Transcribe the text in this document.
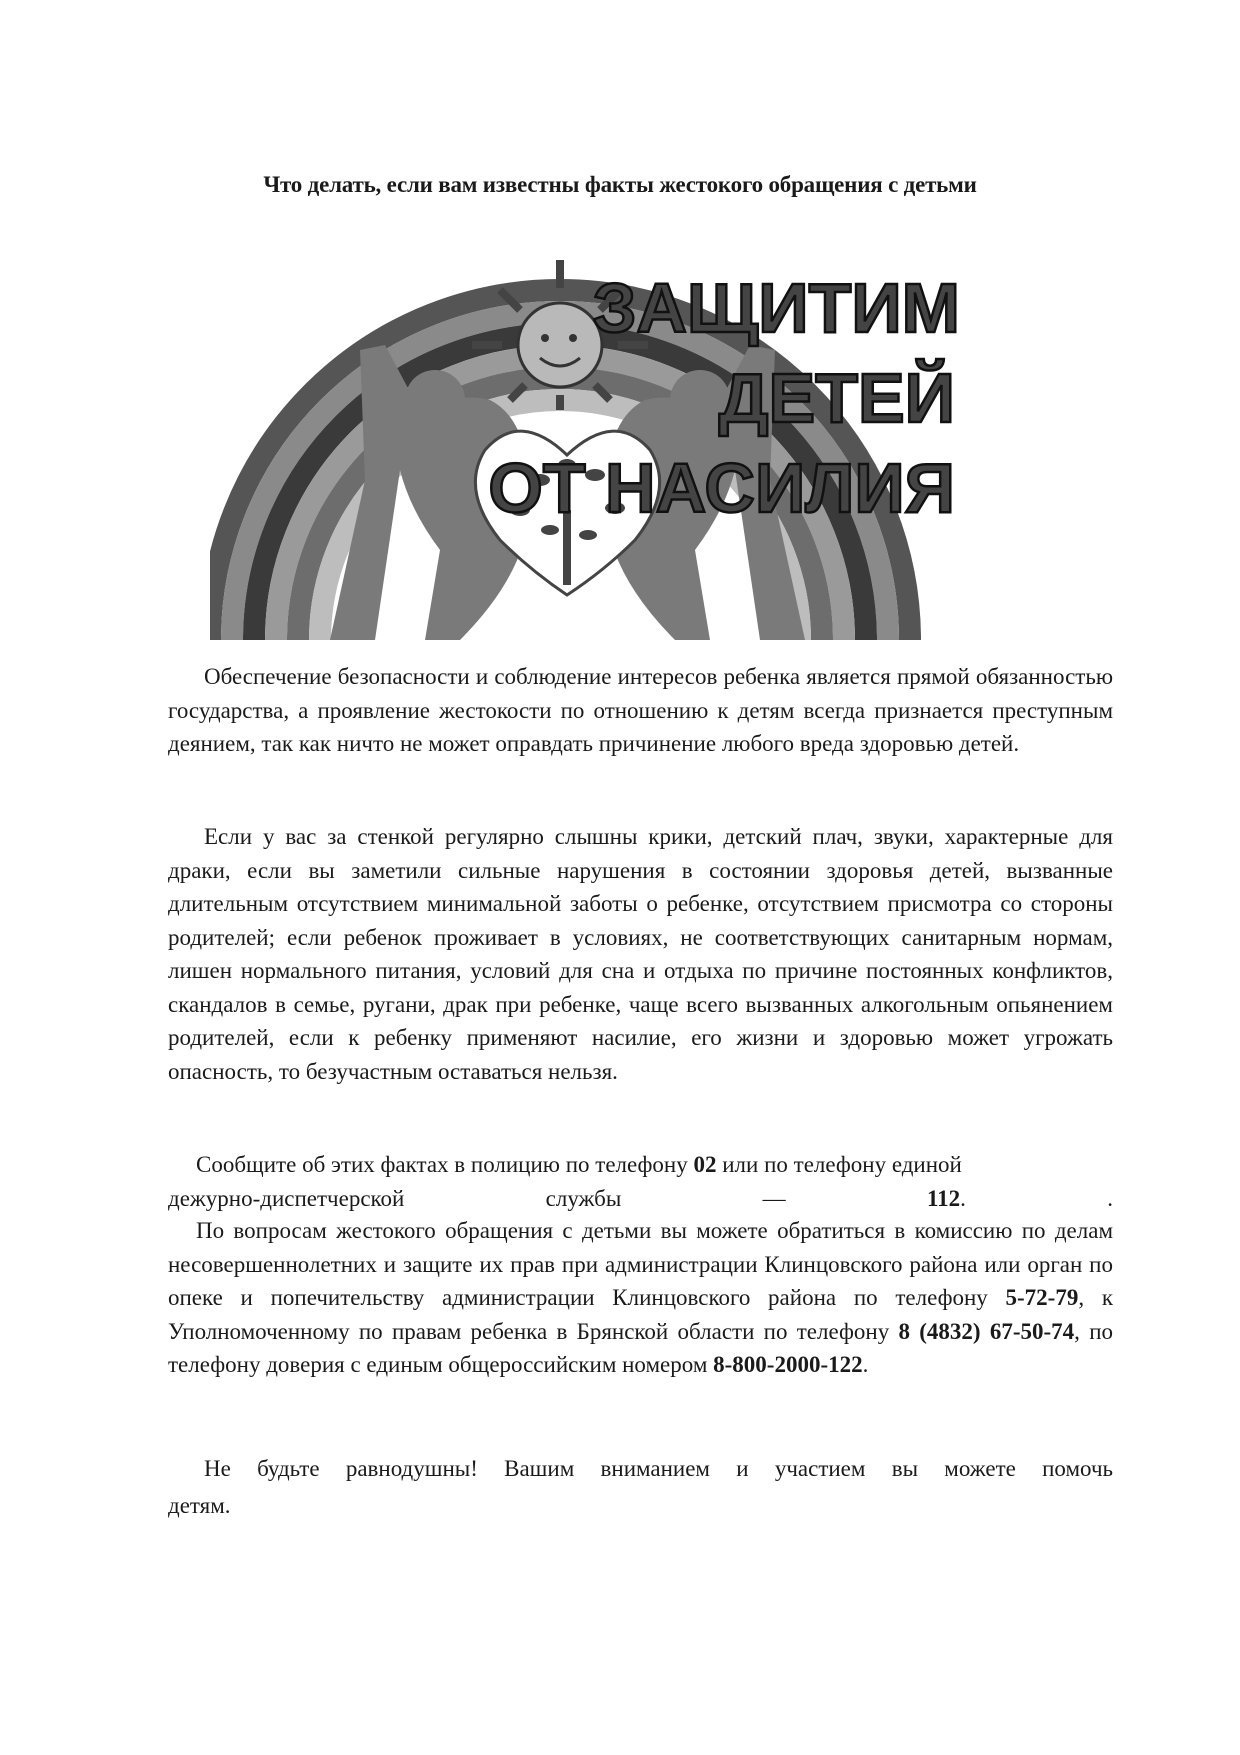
Что делать, если вам известны факты жестокого обращения с детьми
ЗАЩИТИМ
ДЕТЕЙ
ОТ НАСИЛИЯ
Обеспечение безопасности и соблюдение интересов ребенка является прямой обязанностью государства, а проявление жестокости по отношению к детям всегда признается преступным деянием, так как ничто не может оправдать причинение любого вреда здоровью детей.
Если у вас за стенкой регулярно слышны крики, детский плач, звуки, характерные для драки, если вы заметили сильные нарушения в состоянии здоровья детей, вызванные длительным отсутствием минимальной заботы о ребенке, отсутствием присмотра со стороны родителей; если ребенок проживает в условиях, не соответствующих санитарным нормам, лишен нормального питания, условий для сна и отдыха по причине постоянных конфликтов, скандалов в семье, ругани, драк при ребенке, чаще всего вызванных алкогольным опьянением родителей, если к ребенку применяют насилие, его жизни и здоровью может угрожать опасность, то безучастным оставаться нельзя.
Сообщите об этих фактах в полицию по телефону 02 или по телефону единой
дежурно-диспетчерской	службы	—	112.	.
По вопросам жестокого обращения с детьми вы можете обратиться в комиссию по делам несовершеннолетних и защите их прав при администрации Клинцовского района или орган по опеке и попечительству администрации Клинцовского района по телефону 5-72-79, к Уполномоченному по правам ребенка в Брянской области по телефону 8 (4832) 67-50-74, по телефону доверия с единым общероссийским номером 8-800-2000-122.
Не будьте равнодушны! Вашим вниманием и участием вы можете помочь
детям.
